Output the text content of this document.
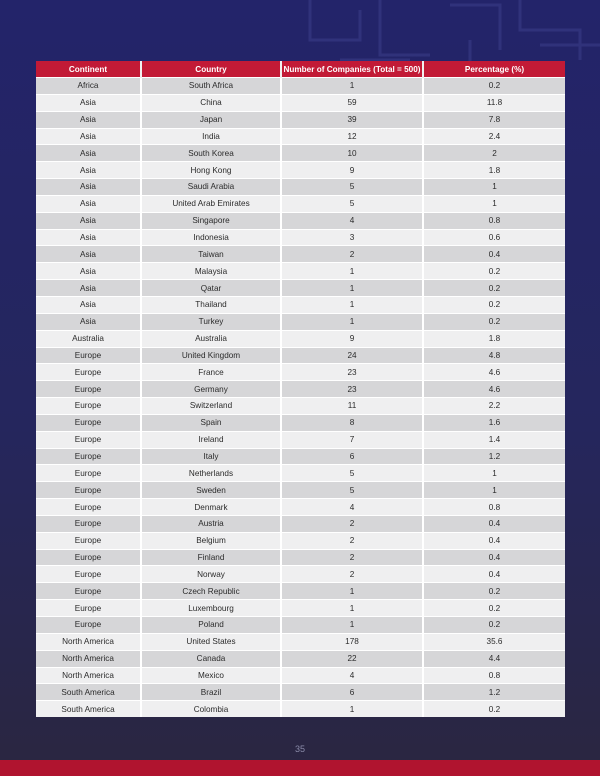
Continent	Country	Number of Companies (Total = 500)	Percentage (%)
Africa	South Africa	1	0.2
Asia	China	59	11.8
Asia	Japan	39	7.8
Asia	India	12	2.4
Asia	South Korea	10	2
Asia	Hong Kong	9	1.8
Asia	Saudi Arabia	5	1
Asia	United Arab Emirates	5	1
Asia	Singapore	4	0.8
Asia	Indonesia	3	0.6
Asia	Taiwan	2	0.4
Asia	Malaysia	1	0.2
Asia	Qatar	1	0.2
Asia	Thailand	1	0.2
Asia	Turkey	1	0.2
Australia	Australia	9	1.8
Europe	United Kingdom	24	4.8
Europe	France	23	4.6
Europe	Germany	23	4.6
Europe	Switzerland	11	2.2
Europe	Spain	8	1.6
Europe	Ireland	7	1.4
Europe	Italy	6	1.2
Europe	Netherlands	5	1
Europe	Sweden	5	1
Europe	Denmark	4	0.8
Europe	Austria	2	0.4
Europe	Belgium	2	0.4
Europe	Finland	2	0.4
Europe	Norway	2	0.4
Europe	Czech Republic	1	0.2
Europe	Luxembourg	1	0.2
Europe	Poland	1	0.2
North America	United States	178	35.6
North America	Canada	22	4.4
North America	Mexico	4	0.8
South America	Brazil	6	1.2
South America	Colombia	1	0.2
35
